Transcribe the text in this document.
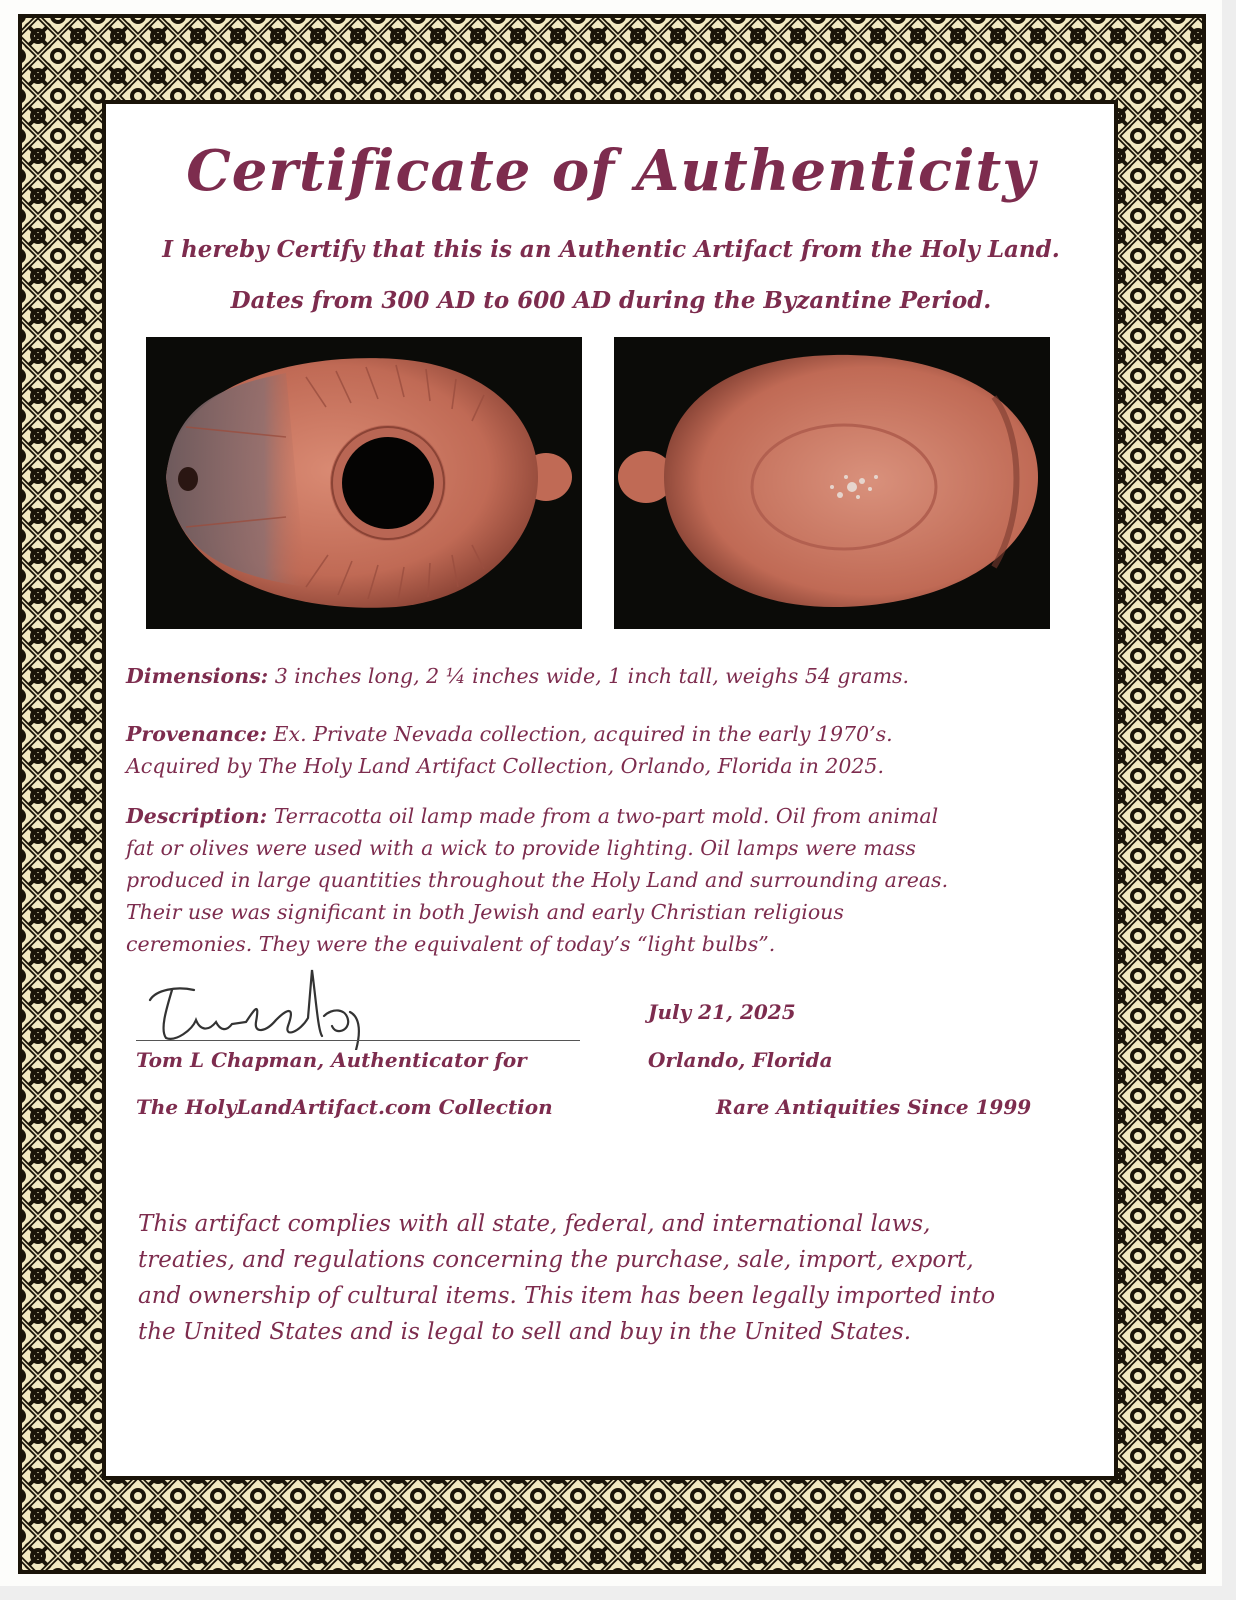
Certificate of Authenticity

I hereby Certify that this is an Authentic Artifact from the Holy Land.

Dates from 300 AD to 600 AD during the Byzantine Period.

Dimensions: 3 inches long, 2 ¼ inches wide, 1 inch tall, weighs 54 grams.

Provenance: Ex. Private Nevada collection, acquired in the early 1970’s.
Acquired by The Holy Land Artifact Collection, Orlando, Florida in 2025.

Description: Terracotta oil lamp made from a two-part mold. Oil from animal
fat or olives were used with a wick to provide lighting. Oil lamps were mass
produced in large quantities throughout the Holy Land and surrounding areas.
Their use was significant in both Jewish and early Christian religious
ceremonies. They were the equivalent of today’s “light bulbs”.

Tom L Chapman, Authenticator for

The HolyLandArtifact.com Collection

July 21, 2025

Orlando, Florida

Rare Antiquities Since 1999

This artifact complies with all state, federal, and international laws,
treaties, and regulations concerning the purchase, sale, import, export,
and ownership of cultural items. This item has been legally imported into
the United States and is legal to sell and buy in the United States.
